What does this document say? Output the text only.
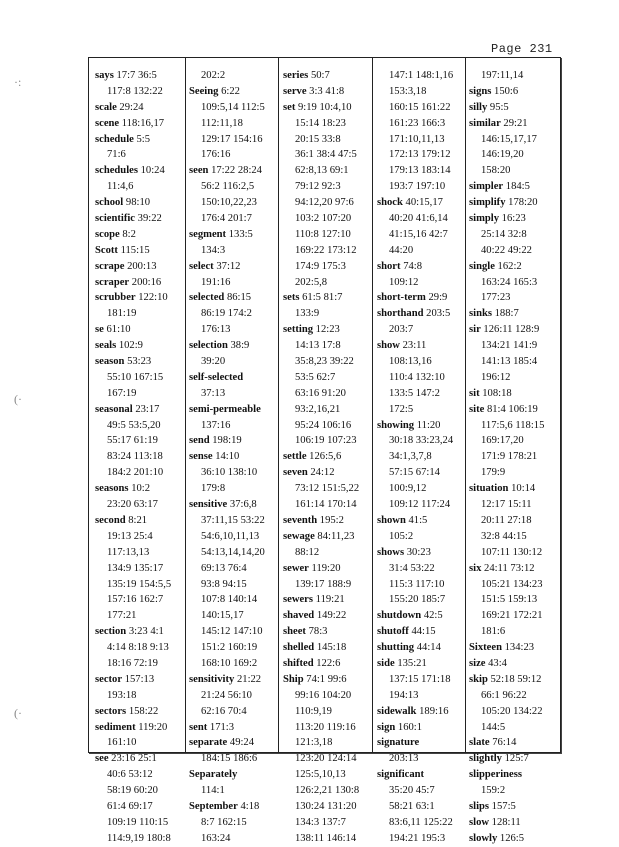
Page 231
·:
(·
(·
says 17:7 36:5
117:8 132:22
scale 29:24
scene 118:16,17
schedule 5:5
71:6
schedules 10:24
11:4,6
school 98:10
scientific 39:22
scope 8:2
Scott 115:15
scrape 200:13
scraper 200:16
scrubber 122:10
181:19
se 61:10
seals 102:9
season 53:23
55:10 167:15
167:19
seasonal 23:17
49:5 53:5,20
55:17 61:19
83:24 113:18
184:2 201:10
seasons 10:2
23:20 63:17
second 8:21
19:13 25:4
117:13,13
134:9 135:17
135:19 154:5,5
157:16 162:7
177:21
section 3:23 4:1
4:14 8:18 9:13
18:16 72:19
sector 157:13
193:18
sectors 158:22
sediment 119:20
161:10
see 23:16 25:1
40:6 53:12
58:19 60:20
61:4 69:17
109:19 110:15
114:9,19 180:8
202:2
Seeing 6:22
109:5,14 112:5
112:11,18
129:17 154:16
176:16
seen 17:22 28:24
56:2 116:2,5
150:10,22,23
176:4 201:7
segment 133:5
134:3
select 37:12
191:16
selected 86:15
86:19 174:2
176:13
selection 38:9
39:20
self-selected
37:13
semi-permeable
137:16
send 198:19
sense 14:10
36:10 138:10
179:8
sensitive 37:6,8
37:11,15 53:22
54:6,10,11,13
54:13,14,14,20
69:13 76:4
93:8 94:15
107:8 140:14
140:15,17
145:12 147:10
151:2 160:19
168:10 169:2
sensitivity 21:22
21:24 56:10
62:16 70:4
sent 171:3
separate 49:24
184:15 186:6
Separately
114:1
September 4:18
8:7 162:15
163:24
series 50:7
serve 3:3 41:8
set 9:19 10:4,10
15:14 18:23
20:15 33:8
36:1 38:4 47:5
62:8,13 69:1
79:12 92:3
94:12,20 97:6
103:2 107:20
110:8 127:10
169:22 173:12
174:9 175:3
202:5,8
sets 61:5 81:7
133:9
setting 12:23
14:13 17:8
35:8,23 39:22
53:5 62:7
63:16 91:20
93:2,16,21
95:24 106:16
106:19 107:23
settle 126:5,6
seven 24:12
73:12 151:5,22
161:14 170:14
seventh 195:2
sewage 84:11,23
88:12
sewer 119:20
139:17 188:9
sewers 119:21
shaved 149:22
sheet 78:3
shelled 145:18
shifted 122:6
Ship 74:1 99:6
99:16 104:20
110:9,19
113:20 119:16
121:3,18
123:20 124:14
125:5,10,13
126:2,21 130:8
130:24 131:20
134:3 137:7
138:11 146:14
147:1 148:1,16
153:3,18
160:15 161:22
161:23 166:3
171:10,11,13
172:13 179:12
179:13 183:14
193:7 197:10
shock 40:15,17
40:20 41:6,14
41:15,16 42:7
44:20
short 74:8
109:12
short-term 29:9
shorthand 203:5
203:7
show 23:11
108:13,16
110:4 132:10
133:5 147:2
172:5
showing 11:20
30:18 33:23,24
34:1,3,7,8
57:15 67:14
100:9,12
109:12 117:24
shown 41:5
105:2
shows 30:23
31:4 53:22
115:3 117:10
155:20 185:7
shutdown 42:5
shutoff 44:15
shutting 44:14
side 135:21
137:15 171:18
194:13
sidewalk 189:16
sign 160:1
signature
203:13
significant
35:20 45:7
58:21 63:1
83:6,11 125:22
194:21 195:3
197:11,14
signs 150:6
silly 95:5
similar 29:21
146:15,17,17
146:19,20
158:20
simpler 184:5
simplify 178:20
simply 16:23
25:14 32:8
40:22 49:22
single 162:2
163:24 165:3
177:23
sinks 188:7
sir 126:11 128:9
134:21 141:9
141:13 185:4
196:12
sit 108:18
site 81:4 106:19
117:5,6 118:15
169:17,20
171:9 178:21
179:9
situation 10:14
12:17 15:11
20:11 27:18
32:8 44:15
107:11 130:12
six 24:11 73:12
105:21 134:23
151:5 159:13
169:21 172:21
181:6
Sixteen 134:23
size 43:4
skip 52:18 59:12
66:1 96:22
105:20 134:22
144:5
slate 76:14
slightly 125:7
slipperiness
159:2
slips 157:5
slow 128:11
slowly 126:5
